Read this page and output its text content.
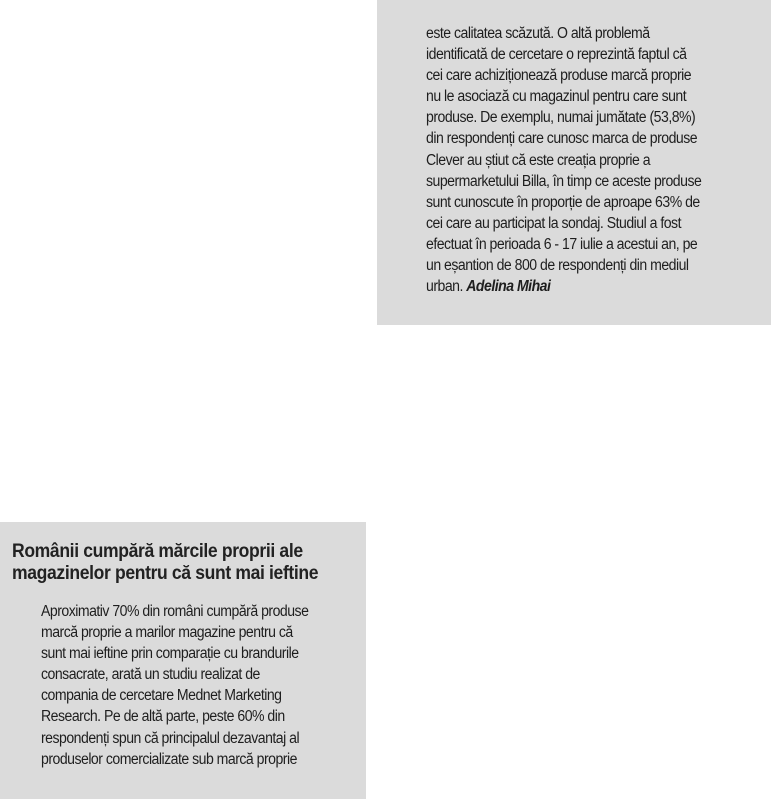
este calitatea scăzută. O altă problemă
identificată de cercetare o reprezintă faptul că
cei care achiziționează produse marcă proprie
nu le asociază cu magazinul pentru care sunt
produse. De exemplu, numai jumătate (53,8%)
din respondenți care cunosc marca de produse
Clever au știut că este creația proprie a
supermarketului Billa, în timp ce aceste produse
sunt cunoscute în proporție de aproape 63% de
cei care au participat la sondaj. Studiul a fost
efectuat în perioada 6 - 17 iulie a acestui an, pe
un eșantion de 800 de respondenți din mediul
urban. Adelina Mihai
Românii cumpără mărcile proprii ale
magazinelor pentru că sunt mai ieftine
Aproximativ 70% din români cumpără produse
marcă proprie a marilor magazine pentru că
sunt mai ieftine prin comparație cu brandurile
consacrate, arată un studiu realizat de
compania de cercetare Mednet Marketing
Research. Pe de altă parte, peste 60% din
respondenți spun că principalul dezavantaj al
produselor comercializate sub marcă proprie
